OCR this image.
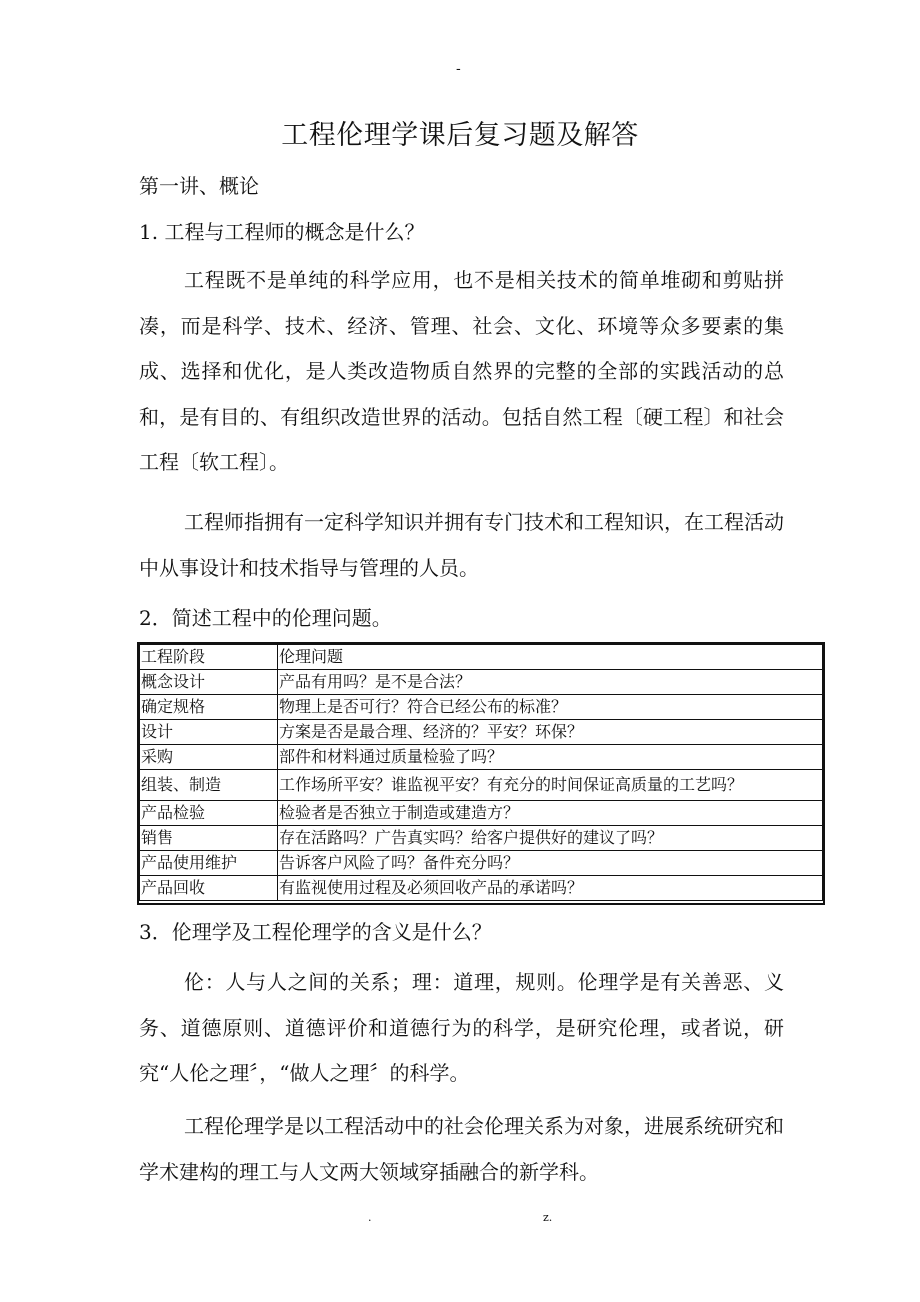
-
工程伦理学课后复习题及解答
第一讲、概论
1. 工程与工程师的概念是什么？
工程既不是单纯的科学应用，也不是相关技术的简单堆砌和剪贴拼凑，而是科学、技术、经济、管理、社会、文化、环境等众多要素的集成、选择和优化，是人类改造物质自然界的完整的全部的实践活动的总和，是有目的、有组织改造世界的活动。包括自然工程〔硬工程〕和社会工程〔软工程〕。
工程师指拥有一定科学知识并拥有专门技术和工程知识，在工程活动中从事设计和技术指导与管理的人员。
2．简述工程中的伦理问题。
工程阶段	伦理问题
概念设计	产品有用吗？是不是合法？
确定规格	物理上是否可行？符合已经公布的标准？
设计	方案是否是最合理、经济的？平安？环保？
采购	部件和材料通过质量检验了吗？
组装、制造	工作场所平安？谁监视平安？有充分的时间保证高质量的工艺吗？
产品检验	检验者是否独立于制造或建造方？
销售	存在活路吗？广告真实吗？给客户提供好的建议了吗？
产品使用维护	告诉客户风险了吗？备件充分吗？
产品回收	有监视使用过程及必须回收产品的承诺吗？
3．伦理学及工程伦理学的含义是什么？
伦：人与人之间的关系；理：道理，规则。伦理学是有关善恶、义务、道德原则、道德评价和道德行为的科学，是研究伦理，或者说，研究“人伦之理〞，“做人之理〞的科学。
工程伦理学是以工程活动中的社会伦理关系为对象，进展系统研究和学术建构的理工与人文两大领域穿插融合的新学科。
.	z.
